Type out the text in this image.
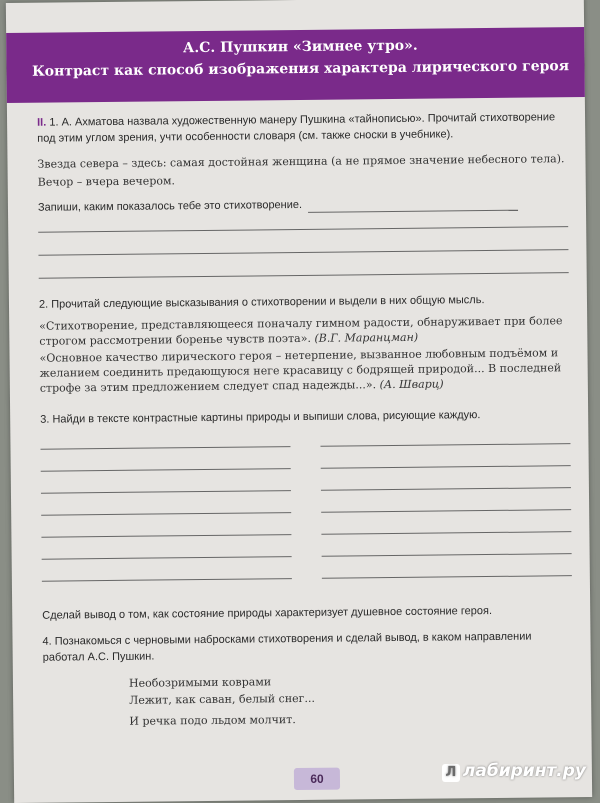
А.С. Пушкин «Зимнее утро».
Контраст как способ изображения характера лирического героя

II. 1. А. Ахматова назвала художественную манеру Пушкина «тайнописью». Прочитай стихотворение под этим углом зрения, учти особенности словаря (см. также сноски в учебнике).

Звезда севера – здесь: самая достойная женщина (а не прямое значение небесного тела).

Вечор – вчера вечером.

Запиши, каким показалось тебе это стихотворение.

2. Прочитай следующие высказывания о стихотворении и выдели в них общую мысль.

«Стихотворение, представляющееся поначалу гимном радости, обнаруживает при более строгом рассмотрении боренье чувств поэта». (В.Г. Маранцман)

«Основное качество лирического героя – нетерпение, вызванное любовным подъёмом и желанием соединить предающуюся неге красавицу с бодрящей природой... В последней строфе за этим предложением следует спад надежды...». (А. Шварц)

3. Найди в тексте контрастные картины природы и выпиши слова, рисующие каждую.

Сделай вывод о том, как состояние природы характеризует душевное состояние героя.

4. Познакомься с черновыми набросками стихотворения и сделай вывод, в каком направлении работал А.С. Пушкин.

Необозримыми коврами

Лежит, как саван, белый снег...

И речка подо льдом молчит.

60	Л лабиринт.ру
